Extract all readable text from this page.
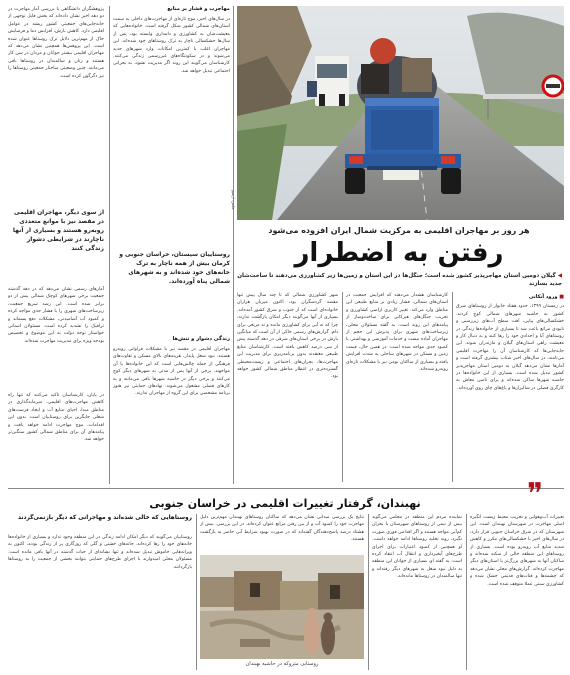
پژوهشگران دانشگاهی با بررسی آمار مهاجرت در دو دهه اخیر نشان داده‌اند که بخش قابل توجهی از جابه‌جایی‌های جمعیتی کشور ریشه در عوامل اقلیمی دارد. کاهش بارش، افزایش دما و فرسایش خاک از مهم‌ترین دلایل ترک روستاها عنوان شده است. این پژوهش‌ها همچنین نشان می‌دهد که مهاجران اقلیمی بیشتر جوانان و مردان در سن کار هستند و زنان و سالمندان در روستاها باقی می‌مانند. چنین وضعیتی ساختار جمعیتی روستاها را نیز دگرگون کرده است.
از سوی دیگر، مهاجران اقلیمی در مقصد نیز با موانع متعددی روبه‌رو هستند و بسیاری از آنها ناچارند در شرایطی دشوار زندگی کنند
آمارهای رسمی نشان می‌دهد که در دهه گذشته جمعیت برخی شهرهای کوچک شمالی بیش از دو برابر شده است. این رشد سریع جمعیت، زیرساخت‌های شهری را با فشار جدی مواجه کرده و کمبود آب آشامیدنی، مشکلات دفع پسماند و ترافیک را تشدید کرده است. مسئولان استانی خواستار توجه دولت به این موضوع و تخصیص بودجه ویژه برای مدیریت مهاجرت شده‌اند.
در پایان، کارشناسان تاکید می‌کنند که تنها راه کاهش مهاجرت‌های اقلیمی، سرمایه‌گذاری در مناطق مبدا، احیای منابع آب و ایجاد فرصت‌های شغلی جایگزین برای روستاییان است. بدون این اقدامات، موج مهاجرت ادامه خواهد یافت و پیامدهای آن برای مناطق شمالی کشور سنگین‌تر خواهد شد.
مهاجرت و فشار بر منابع
در سال‌های اخیر، موج تازه‌ای از مهاجرت‌های داخلی به سمت استان‌های شمالی کشور شکل گرفته است. خانواده‌هایی که معیشت‌شان به کشاورزی و دامداری وابسته بود، پس از سال‌ها خشکسالی ناچار به ترک روستاهای خود شده‌اند. این مهاجران اغلب با کمترین امکانات وارد شهرهای جدید می‌شوند و در سکونتگاه‌های غیررسمی زندگی می‌کنند. کارشناسان می‌گویند این روند اگر مدیریت نشود، به بحرانی اجتماعی تبدیل خواهد شد.
روستاییان سیستان، خراسان جنوبی و کرمان بیش از همه ناچار به ترک خانه‌های خود شده‌اند و به شهرهای شمالی پناه آورده‌اند.
زندگی دشوار و تنش‌ها
مهاجران اقلیمی در مقصد نیز با مشکلات فراوانی روبه‌رو هستند. نبود شغل پایدار، هزینه‌های بالای مسکن و تفاوت‌های فرهنگی از جمله چالش‌هایی است که این خانواده‌ها با آن مواجهند. برخی از آنها پس از مدتی به شهرهای دیگر کوچ می‌کنند و برخی دیگر در حاشیه شهرها باقی می‌مانند و به کارهای فصلی مشغول می‌شوند. نهادهای حمایتی نیز هنوز برنامه مشخصی برای این گروه از مهاجران ندارند.
عکس: آرشیو
هر روز بر مهاجران اقلیمی به مرکزیت شمال ایران افزوده می‌شود
رفتن به اضطرار
◀ گیلان دومین استان مهاجرپذیر کشور شده است؛ جنگل‌ها در این استان و زمین‌ها زیر کشاورزی می‌دهند تا ساخت‌شان جدید بسازند

■ ورود آنکاتی

در زمستان ۱۳۹۹، حدود هفتاد خانوار از روستاهای شرق کشور به حاشیه شهرهای شمالی کوچ کردند. خشکسالی‌های پیاپی، افت سطح آب‌های زیرزمینی و نابودی مراتع باعث شد تا بسیاری از خانواده‌ها زندگی در روستاهای آبا و اجدادی خود را رها کنند و به دنبال کار و معیشت راهی استان‌های گیلان و مازندران شوند. این جابه‌جایی‌ها که کارشناسان آن را مهاجرت اقلیمی می‌نامند، در سال‌های اخیر شتاب بیشتری گرفته است و آمارها نشان می‌دهد گیلان به دومین استان مهاجرپذیر کشور تبدیل شده است. بسیاری از این خانواده‌ها در حاشیه شهرها ساکن شده‌اند و برای تامین معاش به کارگری فصلی در شالیزارها و باغ‌های چای روی آورده‌اند.

کارشناسان هشدار می‌دهند که افزایش جمعیت در استان‌های شمالی، فشار زیادی بر منابع طبیعی این مناطق وارد می‌کند. تغییر کاربری اراضی کشاورزی و تخریب جنگل‌های هیرکانی برای ساخت‌وساز از پیامدهای این روند است. به گفته مسئولان محلی، زیرساخت‌های شهری برای پذیرش این حجم از مهاجران آماده نیست و خدمات آموزشی و بهداشتی با کمبود جدی مواجه شده است. در همین حال، قیمت زمین و مسکن در شهرهای ساحلی به شدت افزایش یافته و بسیاری از ساکنان بومی نیز با مشکلات تازه‌ای روبه‌رو شده‌اند.

شهر کشاورزی شمالی که تا چند سال پیش تنها مقصد گردشگران بود، اکنون میزبان هزاران خانواده‌ای است که از جنوب و شرق کشور آمده‌اند. بسیاری از آنها می‌گویند دیگر امکان بازگشت ندارند، چرا که نه آبی برای کشاورزی مانده و نه مرتعی برای دام. گزارش‌های رسمی حاکی از آن است که میانگین بارش در برخی استان‌های شرقی در دهه گذشته بیش از سی درصد کاهش یافته است. کارشناسان منابع طبیعی معتقدند بدون برنامه‌ریزی برای مدیریت این مهاجرت‌ها، بحران‌های اجتماعی و زیست‌محیطی گسترده‌تری در انتظار مناطق شمالی کشور خواهد بود.

❞
نهبندان، گرفتار تغییرات اقلیمی در خراسان جنوبی
تغییرات آب‌وهوایی و تخریب محیط زیست انگیزه اصلی مهاجرت در شهرستان نهبندان است. این شهرستان که در شرق خراسان جنوبی قرار دارد، در سال‌های اخیر با خشکسالی‌های مکرر و کاهش شدید منابع آب روبه‌رو بوده است. بسیاری از روستاهای این منطقه خالی از سکنه شده‌اند و ساکنان آنها به شهرهای بزرگ‌تر یا استان‌های دیگر مهاجرت کرده‌اند. گزارش‌های محلی نشان می‌دهد که چشمه‌ها و قنات‌های قدیمی خشک شده و کشاورزی سنتی عملا متوقف شده است.
نماینده مردم این منطقه در مجلس می‌گوید بیش از نیمی از روستاهای شهرستان با بحران کم‌آبی مواجه هستند و اگر اقدامی فوری صورت نگیرد، روند تخلیه روستاها ادامه خواهد داشت. او همچنین از کمبود اعتبارات برای اجرای طرح‌های آبخیزداری و انتقال آب انتقاد کرده است. به گفته او، بسیاری از جوانان این منطقه به دلیل نبود شغل به شهرهای دیگر رفته‌اند و تنها سالمندان در روستاها مانده‌اند.
نتایج یک بررسی میدانی نشان می‌دهد که ساکنان روستاهای نهبندان مهم‌ترین دلیل مهاجرت خود را کمبود آب و از بین رفتن مراتع عنوان کرده‌اند. در این بررسی، بیش از هشتاد درصد پاسخ‌دهندگان گفته‌اند که در صورت بهبود شرایط آبی حاضر به بازگشت هستند.
روستایی متروکه در حاشیه نهبندان
روستاهایی که خالی شده‌اند و مهاجرانی که دیگر بازنمی‌گردند
روستاییان می‌گویند که دیگر امکان ادامه زندگی در این منطقه وجود ندارد و بسیاری از خانواده‌ها خانه‌های خود را رها کرده‌اند. خانه‌های خشتی و گلی که روزگاری پر از زندگی بودند، اکنون به ویرانه‌هایی خاموش تبدیل شده‌اند و تنها نشانه‌ای از حیات گذشته در آنها باقی مانده است. مسئولان محلی امیدوارند با اجرای طرح‌های حمایتی بتوانند بخشی از جمعیت را به روستاها بازگردانند.
